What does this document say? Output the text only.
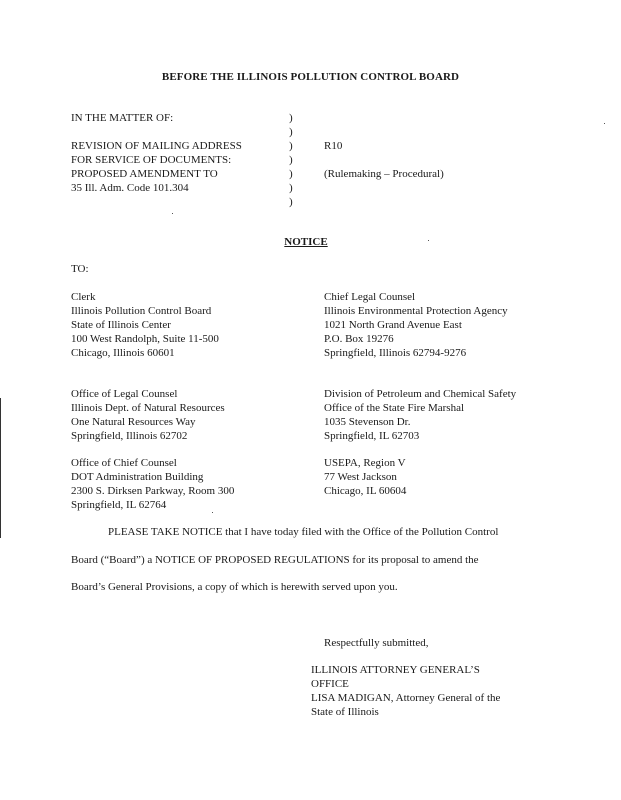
BEFORE THE ILLINOIS POLLUTION CONTROL BOARD
IN THE MATTER OF:
REVISION OF MAILING ADDRESS
FOR SERVICE OF DOCUMENTS:
PROPOSED AMENDMENT TO
35 Ill. Adm. Code 101.304
)
)
)
)
)
)
)
R10
(Rulemaking – Procedural)
NOTICE
TO:
Clerk
Illinois Pollution Control Board
State of Illinois Center
100 West Randolph, Suite 11-500
Chicago, Illinois 60601
Chief Legal Counsel
Illinois Environmental Protection Agency
1021 North Grand Avenue East
P.O. Box 19276
Springfield, Illinois 62794-9276
Office of Legal Counsel
Illinois Dept. of Natural Resources
One Natural Resources Way
Springfield, Illinois 62702
Division of Petroleum and Chemical Safety
Office of the State Fire Marshal
1035 Stevenson Dr.
Springfield, IL 62703
Office of Chief Counsel
DOT Administration Building
2300 S. Dirksen Parkway, Room 300
Springfield, IL 62764
USEPA, Region V
77 West Jackson
Chicago, IL 60604
PLEASE TAKE NOTICE that I have today filed with the Office of the Pollution Control
Board (“Board”) a NOTICE OF PROPOSED REGULATIONS for its proposal to amend the
Board’s General Provisions, a copy of which is herewith served upon you.
Respectfully submitted,
ILLINOIS ATTORNEY GENERAL’S
OFFICE
LISA MADIGAN, Attorney General of the
State of Illinois
